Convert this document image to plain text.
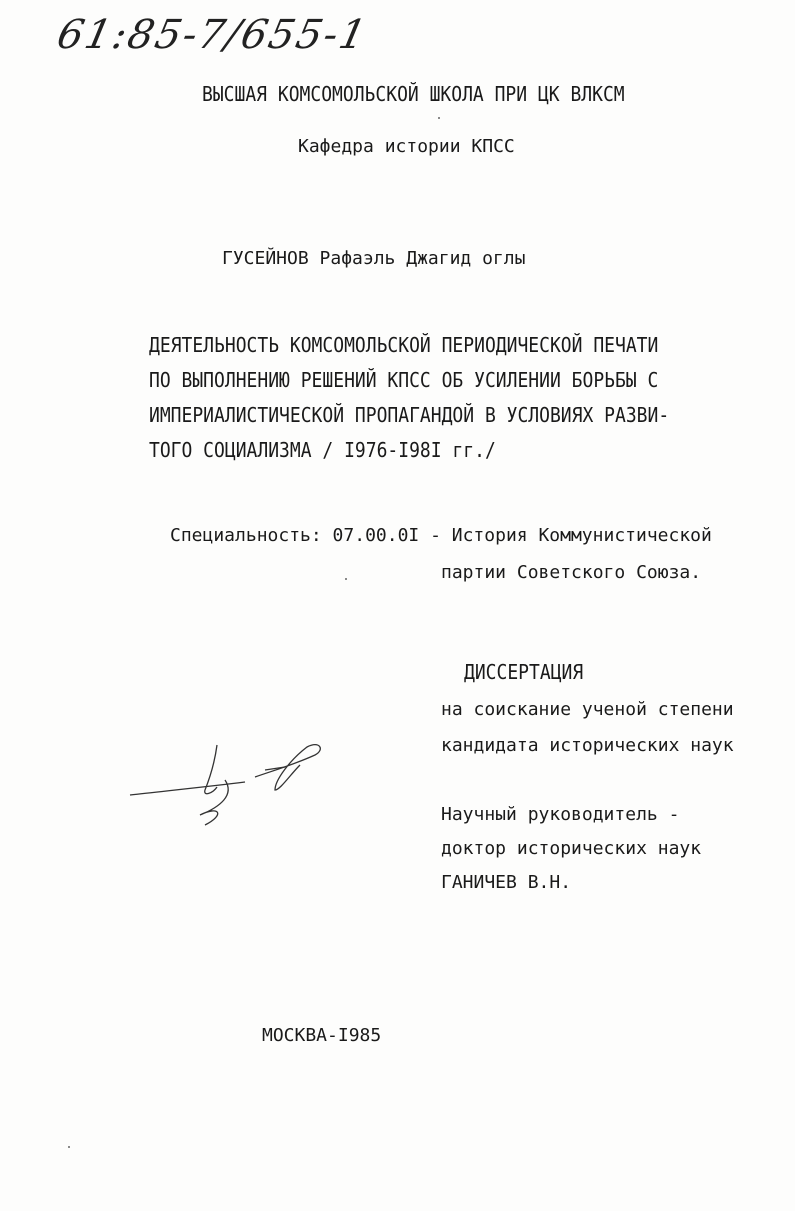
61:85-7/655-1
ВЫСШАЯ КОМСОМОЛЬСКОЙ ШКОЛА ПРИ ЦК ВЛКСМ
Кафедра истории КПСС
ГУСЕЙНОВ Рафаэль Джагид оглы
ДЕЯТЕЛЬНОСТЬ КОМСОМОЛЬСКОЙ ПЕРИОДИЧЕСКОЙ ПЕЧАТИ
ПО ВЫПОЛНЕНИЮ РЕШЕНИЙ КПСС ОБ УСИЛЕНИИ БОРЬБЫ С
ИМПЕРИАЛИСТИЧЕСКОЙ ПРОПАГАНДОЙ В УСЛОВИЯХ РАЗВИ-
ТОГО СОЦИАЛИЗМА / I976-I98I гг./
Специальность: 07.00.0I - История Коммунистической
партии Советского Союза.
ДИССЕРТАЦИЯ
на соискание ученой степени
кандидата исторических наук
Научный руководитель -
доктор исторических наук
ГАНИЧЕВ В.Н.
МОСКВА-I985
